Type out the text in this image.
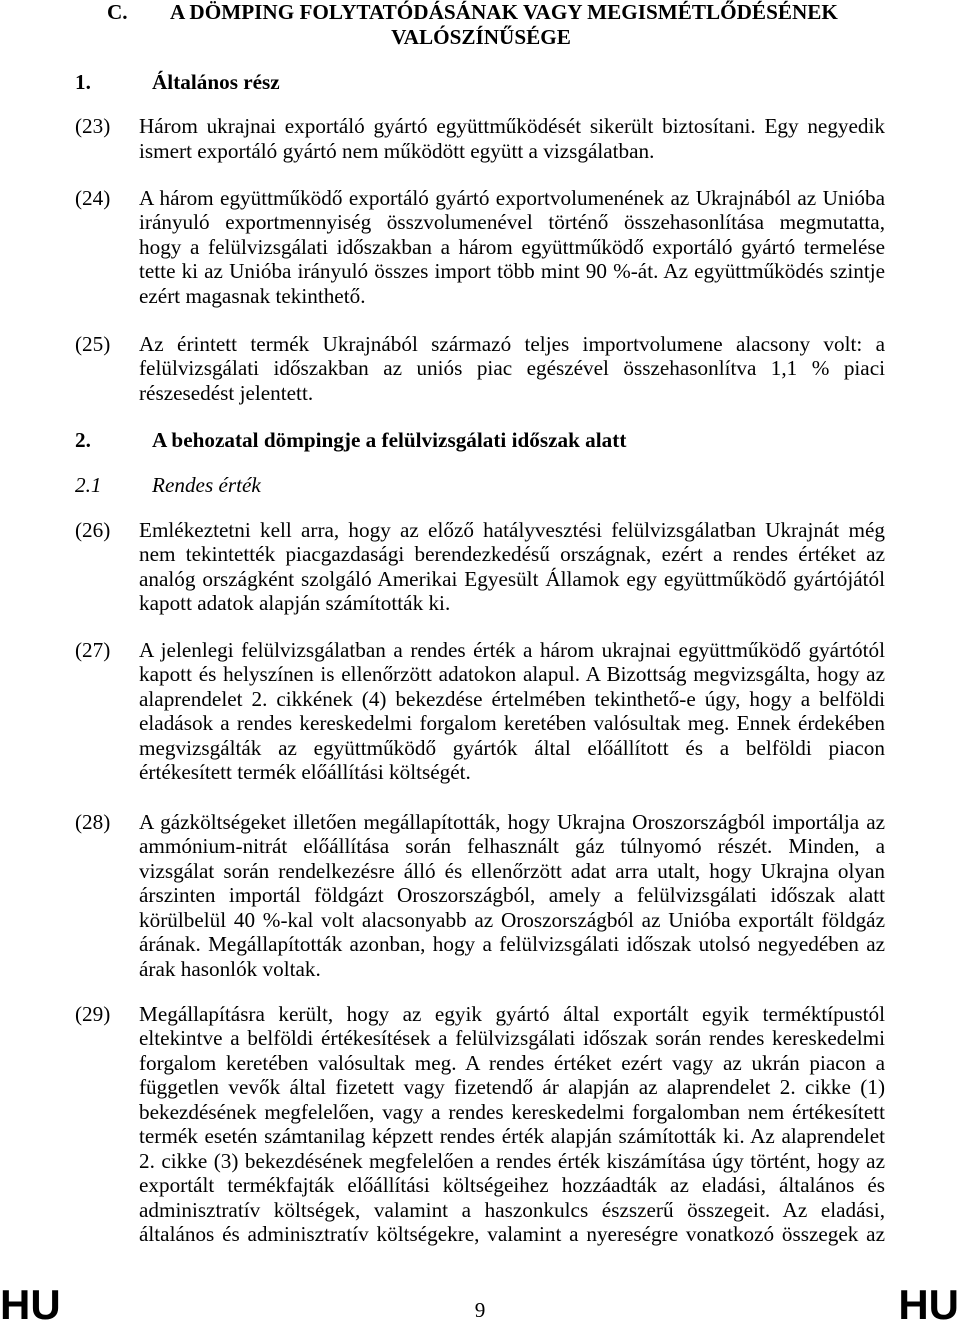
C. A DÖMPING FOLYTATÓDÁSÁNAK VAGY MEGISMÉTLŐDÉSÉNEK
VALÓSZÍNŰSÉGE
1.	Általános rész
(23) Három ukrajnai exportáló gyártó együttműködését sikerült biztosítani. Egy negyedik
ismert exportáló gyártó nem működött együtt a vizsgálatban.
(24) A három együttműködő exportáló gyártó exportvolumenének az Ukrajnából az Unióba
irányuló exportmennyiség összvolumenével történő összehasonlítása megmutatta,
hogy a felülvizsgálati időszakban a három együttműködő exportáló gyártó termelése
tette ki az Unióba irányuló összes import több mint 90 %-át. Az együttműködés szintje
ezért magasnak tekinthető.
(25) Az érintett termék Ukrajnából származó teljes importvolumene alacsony volt: a
felülvizsgálati időszakban az uniós piac egészével összehasonlítva 1,1 % piaci
részesedést jelentett.
2.	A behozatal dömpingje a felülvizsgálati időszak alatt
2.1 Rendes érték
(26) Emlékeztetni kell arra, hogy az előző hatályvesztési felülvizsgálatban Ukrajnát még
nem tekintették piacgazdasági berendezkedésű országnak, ezért a rendes értéket az
analóg országként szolgáló Amerikai Egyesült Államok egy együttműködő gyártójától
kapott adatok alapján számították ki.
(27) A jelenlegi felülvizsgálatban a rendes érték a három ukrajnai együttműködő gyártótól
kapott és helyszínen is ellenőrzött adatokon alapul. A Bizottság megvizsgálta, hogy az
alaprendelet 2. cikkének (4) bekezdése értelmében tekinthető-e úgy, hogy a belföldi
eladások a rendes kereskedelmi forgalom keretében valósultak meg. Ennek érdekében
megvizsgálták az együttműködő gyártók által előállított és a belföldi piacon
értékesített termék előállítási költségét.
(28) A gázköltségeket illetően megállapították, hogy Ukrajna Oroszországból importálja az
ammónium-nitrát előállítása során felhasznált gáz túlnyomó részét. Minden, a
vizsgálat során rendelkezésre álló és ellenőrzött adat arra utalt, hogy Ukrajna olyan
árszinten importál földgázt Oroszországból, amely a felülvizsgálati időszak alatt
körülbelül 40 %-kal volt alacsonyabb az Oroszországból az Unióba exportált földgáz
árának. Megállapították azonban, hogy a felülvizsgálati időszak utolsó negyedében az
árak hasonlók voltak.
(29) Megállapításra került, hogy az egyik gyártó által exportált egyik terméktípustól
eltekintve a belföldi értékesítések a felülvizsgálati időszak során rendes kereskedelmi
forgalom keretében valósultak meg. A rendes értéket ezért vagy az ukrán piacon a
független vevők által fizetett vagy fizetendő ár alapján az alaprendelet 2. cikke (1)
bekezdésének megfelelően, vagy a rendes kereskedelmi forgalomban nem értékesített
termék esetén számtanilag képzett rendes érték alapján számították ki. Az alaprendelet
2. cikke (3) bekezdésének megfelelően a rendes érték kiszámítása úgy történt, hogy az
exportált termékfajták előállítási költségeihez hozzáadták az eladási, általános és
adminisztratív költségek, valamint a haszonkulcs észszerű összegeit. Az eladási,
általános és adminisztratív költségekre, valamint a nyereségre vonatkozó összegek az
HU	9	HU
